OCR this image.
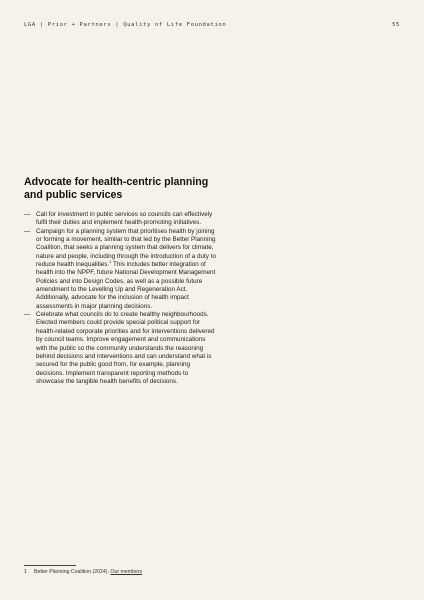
LGA | Prior + Partners | Quality of Life Foundation	55
Advocate for health-centric planning and public services
— Call for investment in public services so councils can effectively fulfil their duties and implement health-promoting initiatives.
— Campaign for a planning system that prioritises health by joining or forming a movement, similar to that led by the Better Planning Coalition, that seeks a planning system that delivers for climate, nature and people, including through the introduction of a duty to reduce health inequalities.$^1$ This includes better integration of health into the NPPF, future National Development Management Policies and into Design Codes, as well as a possible future amendment to the Levelling Up and Regeneration Act. Additionally, advocate for the inclusion of health impact assessments in major planning decisions.
— Celebrate what councils do to create healthy neighbourhoods. Elected members could provide special political support for health-related corporate priorities and for interventions delivered by council teams. Improve engagement and communications with the public so the community understands the reasoning behind decisions and interventions and can understand what is secured for the public good from, for example, planning decisions. Implement transparent reporting methods to showcase the tangible health benefits of decisions.
1 Better Planning Coalition (2024). Our members
